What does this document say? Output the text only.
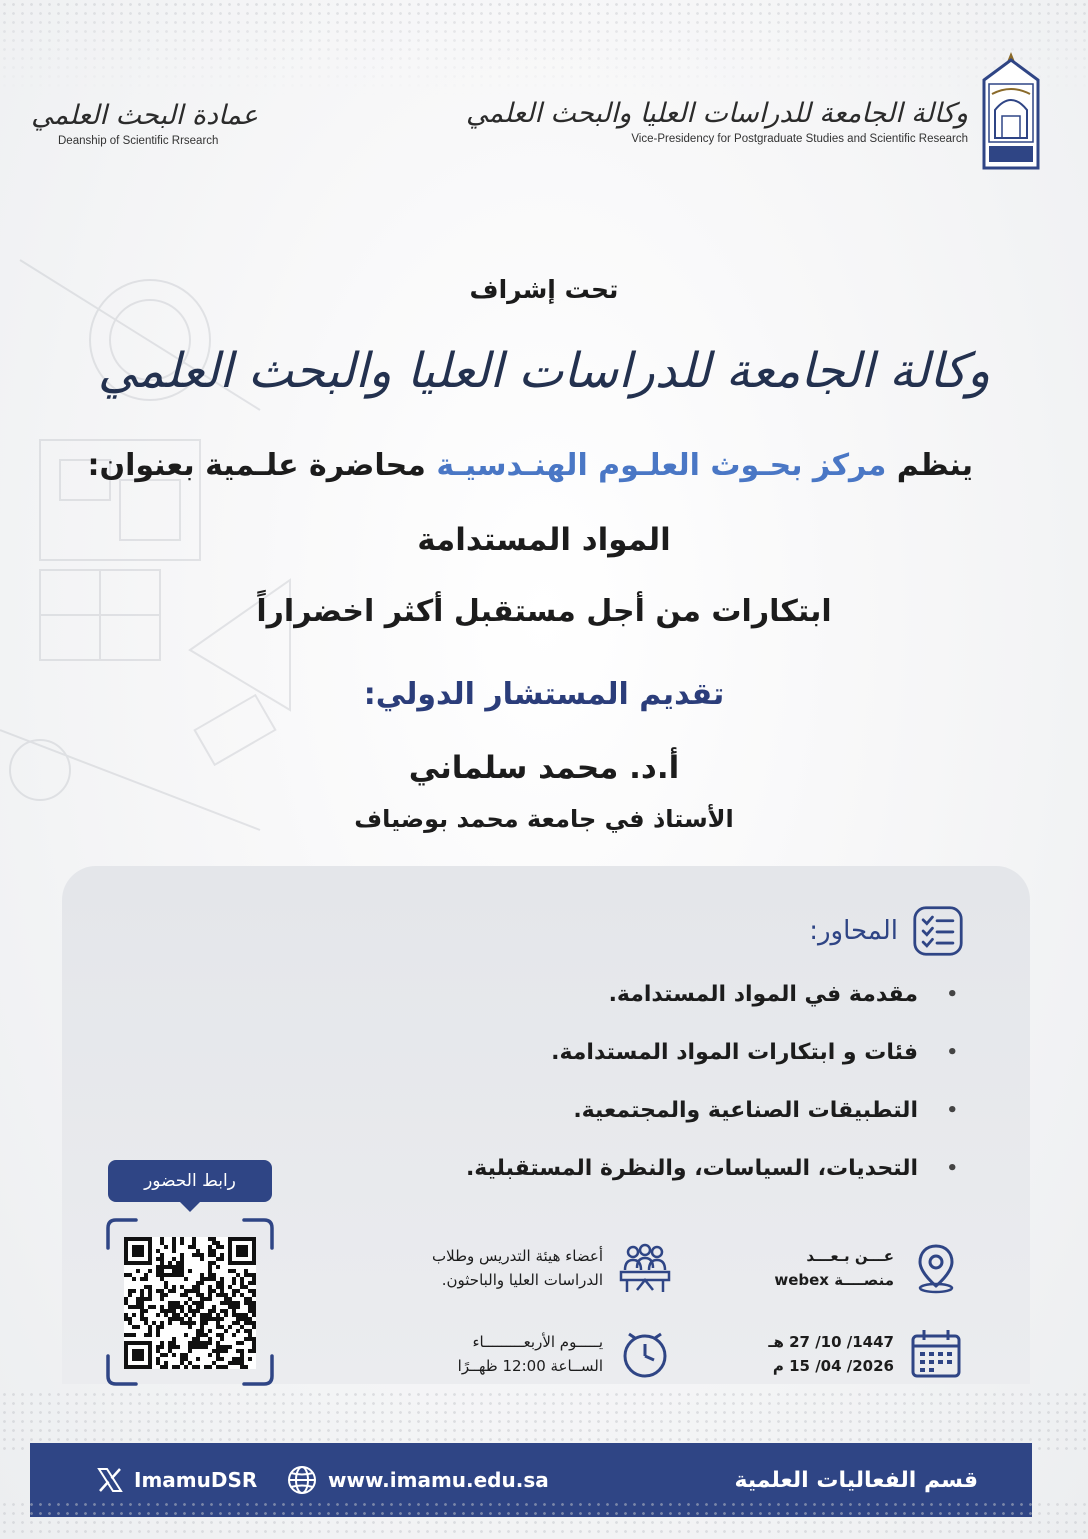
وكالة الجامعة للدراسات العليا والبحث العلمي
Vice-Presidency for Postgraduate Studies and Scientific Research
عمادة البحث العلمي
Deanship of Scientific Rrsearch
تحت إشراف
وكالة الجامعة للدراسات العليا والبحث العلمي
ينظم مركز بحـوث العلـوم الهنـدسيـة محاضرة علـمية بعنوان:
المواد المستدامة
ابتكارات من أجل مستقبل أكثر اخضراراً
تقديم المستشار الدولي:
أ.د. محمد سلماني
الأستاذ في جامعة محمد بوضياف
المحاور:
• مقدمة في المواد المستدامة.
• فئات و ابتكارات المواد المستدامة.
• التطبيقات الصناعية والمجتمعية.
• التحديات، السياسات، والنظرة المستقبلية.
عـــن بـعـــد
منصــــة webex
أعضاء هيئة التدريس وطلاب
الدراسات العليا والباحثون.
1447/ 10/ 27 هـ
2026/ 04/ 15 م
يـــــوم الأربعـــــــــاء
الســاعة 12:00 ظهــرًا
رابط الحضور
قسم الفعاليات العلمية
www.imamu.edu.sa
ImamuDSR
